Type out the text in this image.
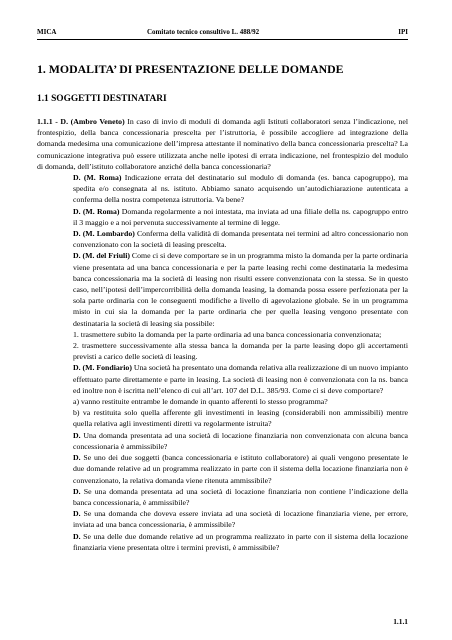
MICA	Comitato tecnico consultivo L. 488/92	IPI
1. MODALITA’ DI PRESENTAZIONE DELLE DOMANDE
1.1 SOGGETTI DESTINATARI

1.1.1 - D. (Ambro Veneto) In caso di invio di moduli di domanda agli Istituti collaboratori senza l’indicazione, nel frontespizio, della banca concessionaria prescelta per l’istruttoria, è possibile accogliere ad integrazione della domanda medesima una comunicazione dell’impresa attestante il nominativo della banca concessionaria prescelta? La comunicazione integrativa può essere utilizzata anche nelle ipotesi di errata indicazione, nel frontespizio del modulo di domanda, dell’istituto collaboratore anziché della banca concessionaria?

D. (M. Roma) Indicazione errata del destinatario sul modulo di domanda (es. banca capogruppo), ma spedita e/o consegnata al ns. istituto. Abbiamo sanato acquisendo un’autodichiarazione autenticata a conferma della nostra competenza istruttoria. Va bene?

D. (M. Roma) Domanda regolarmente a noi intestata, ma inviata ad una filiale della ns. capogruppo entro il 3 maggio e a noi pervenuta successivamente al termine di legge.

D. (M. Lombardo) Conferma della validità di domanda presentata nei termini ad altro concessionario non convenzionato con la società di leasing prescelta.

D. (M. del Friuli) Come ci si deve comportare se in un programma misto la domanda per la parte ordinaria viene presentata ad una banca concessionaria e per la parte leasing rechi come destinataria la medesima banca concessionaria ma la società di leasing non risulti essere convenzionata con la stessa. Se in questo caso, nell’ipotesi dell’impercorribilità della domanda leasing, la domanda possa essere perfezionata per la sola parte ordinaria con le conseguenti modifiche a livello di agevolazione globale. Se in un programma misto in cui sia la domanda per la parte ordinaria che per quella leasing vengono presentate con destinataria la società di leasing sia possibile:

1. trasmettere subito la domanda per la parte ordinaria ad una banca concessionaria convenzionata;

2. trasmettere successivamente alla stessa banca la domanda per la parte leasing dopo gli accertamenti previsti a carico delle società di leasing.

D. (M. Fondiario) Una società ha presentato una domanda relativa alla realizzazione di un nuovo impianto effettuato parte direttamente e parte in leasing. La società di leasing non è convenzionata con la ns. banca ed inoltre non è iscritta nell’elenco di cui all’art. 107 del D.L. 385/93. Come ci si deve comportare?

a) vanno restituite entrambe le domande in quanto afferenti lo stesso programma?

b) va restituita solo quella afferente gli investimenti in leasing (considerabili non ammissibili) mentre quella relativa agli investimenti diretti va regolarmente istruita?

D. Una domanda presentata ad una società di locazione finanziaria non convenzionata con alcuna banca concessionaria è ammissibile?

D. Se uno dei due soggetti (banca concessionaria e istituto collaboratore) ai quali vengono presentate le due domande relative ad un programma realizzato in parte con il sistema della locazione finanziaria non è convenzionato, la relativa domanda viene ritenuta ammissibile?

D. Se una domanda presentata ad una società di locazione finanziaria non contiene l’indicazione della banca concessionaria, è ammissibile?

D. Se una domanda che doveva essere inviata ad una società di locazione finanziaria viene, per errore, inviata ad una banca concessionaria, è ammissibile?

D. Se una delle due domande relative ad un programma realizzato in parte con il sistema della locazione finanziaria viene presentata oltre i termini previsti, è ammissibile?

1.1.1
